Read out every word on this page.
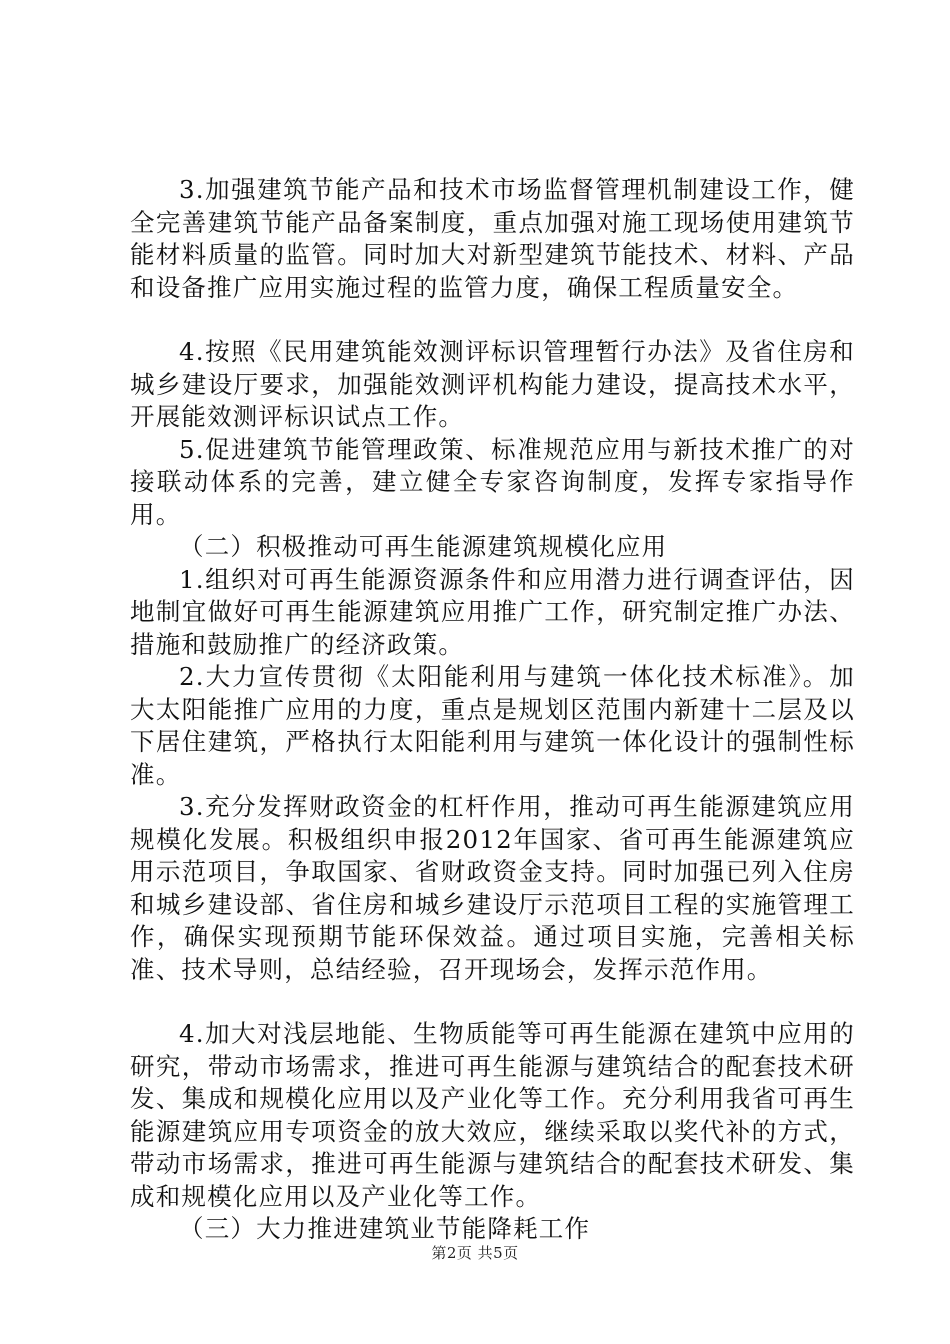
3.加强建筑节能产品和技术市场监督管理机制建设工作，健全完善建筑节能产品备案制度，重点加强对施工现场使用建筑节能材料质量的监管。同时加大对新型建筑节能技术、材料、产品和设备推广应用实施过程的监管力度，确保工程质量安全。

4.按照《民用建筑能效测评标识管理暂行办法》及省住房和城乡建设厅要求，加强能效测评机构能力建设，提高技术水平，开展能效测评标识试点工作。

5.促进建筑节能管理政策、标准规范应用与新技术推广的对接联动体系的完善，建立健全专家咨询制度，发挥专家指导作用。

（二）积极推动可再生能源建筑规模化应用

1.组织对可再生能源资源条件和应用潜力进行调查评估，因地制宜做好可再生能源建筑应用推广工作，研究制定推广办法、措施和鼓励推广的经济政策。

2.大力宣传贯彻《太阳能利用与建筑一体化技术标准》。加大太阳能推广应用的力度，重点是规划区范围内新建十二层及以下居住建筑，严格执行太阳能利用与建筑一体化设计的强制性标准。

3.充分发挥财政资金的杠杆作用，推动可再生能源建筑应用规模化发展。积极组织申报2012年国家、省可再生能源建筑应用示范项目，争取国家、省财政资金支持。同时加强已列入住房和城乡建设部、省住房和城乡建设厅示范项目工程的实施管理工作，确保实现预期节能环保效益。通过项目实施，完善相关标准、技术导则，总结经验，召开现场会，发挥示范作用。

4.加大对浅层地能、生物质能等可再生能源在建筑中应用的研究，带动市场需求，推进可再生能源与建筑结合的配套技术研发、集成和规模化应用以及产业化等工作。充分利用我省可再生能源建筑应用专项资金的放大效应，继续采取以奖代补的方式，带动市场需求，推进可再生能源与建筑结合的配套技术研发、集成和规模化应用以及产业化等工作。

（三）大力推进建筑业节能降耗工作

第2页 共5页
